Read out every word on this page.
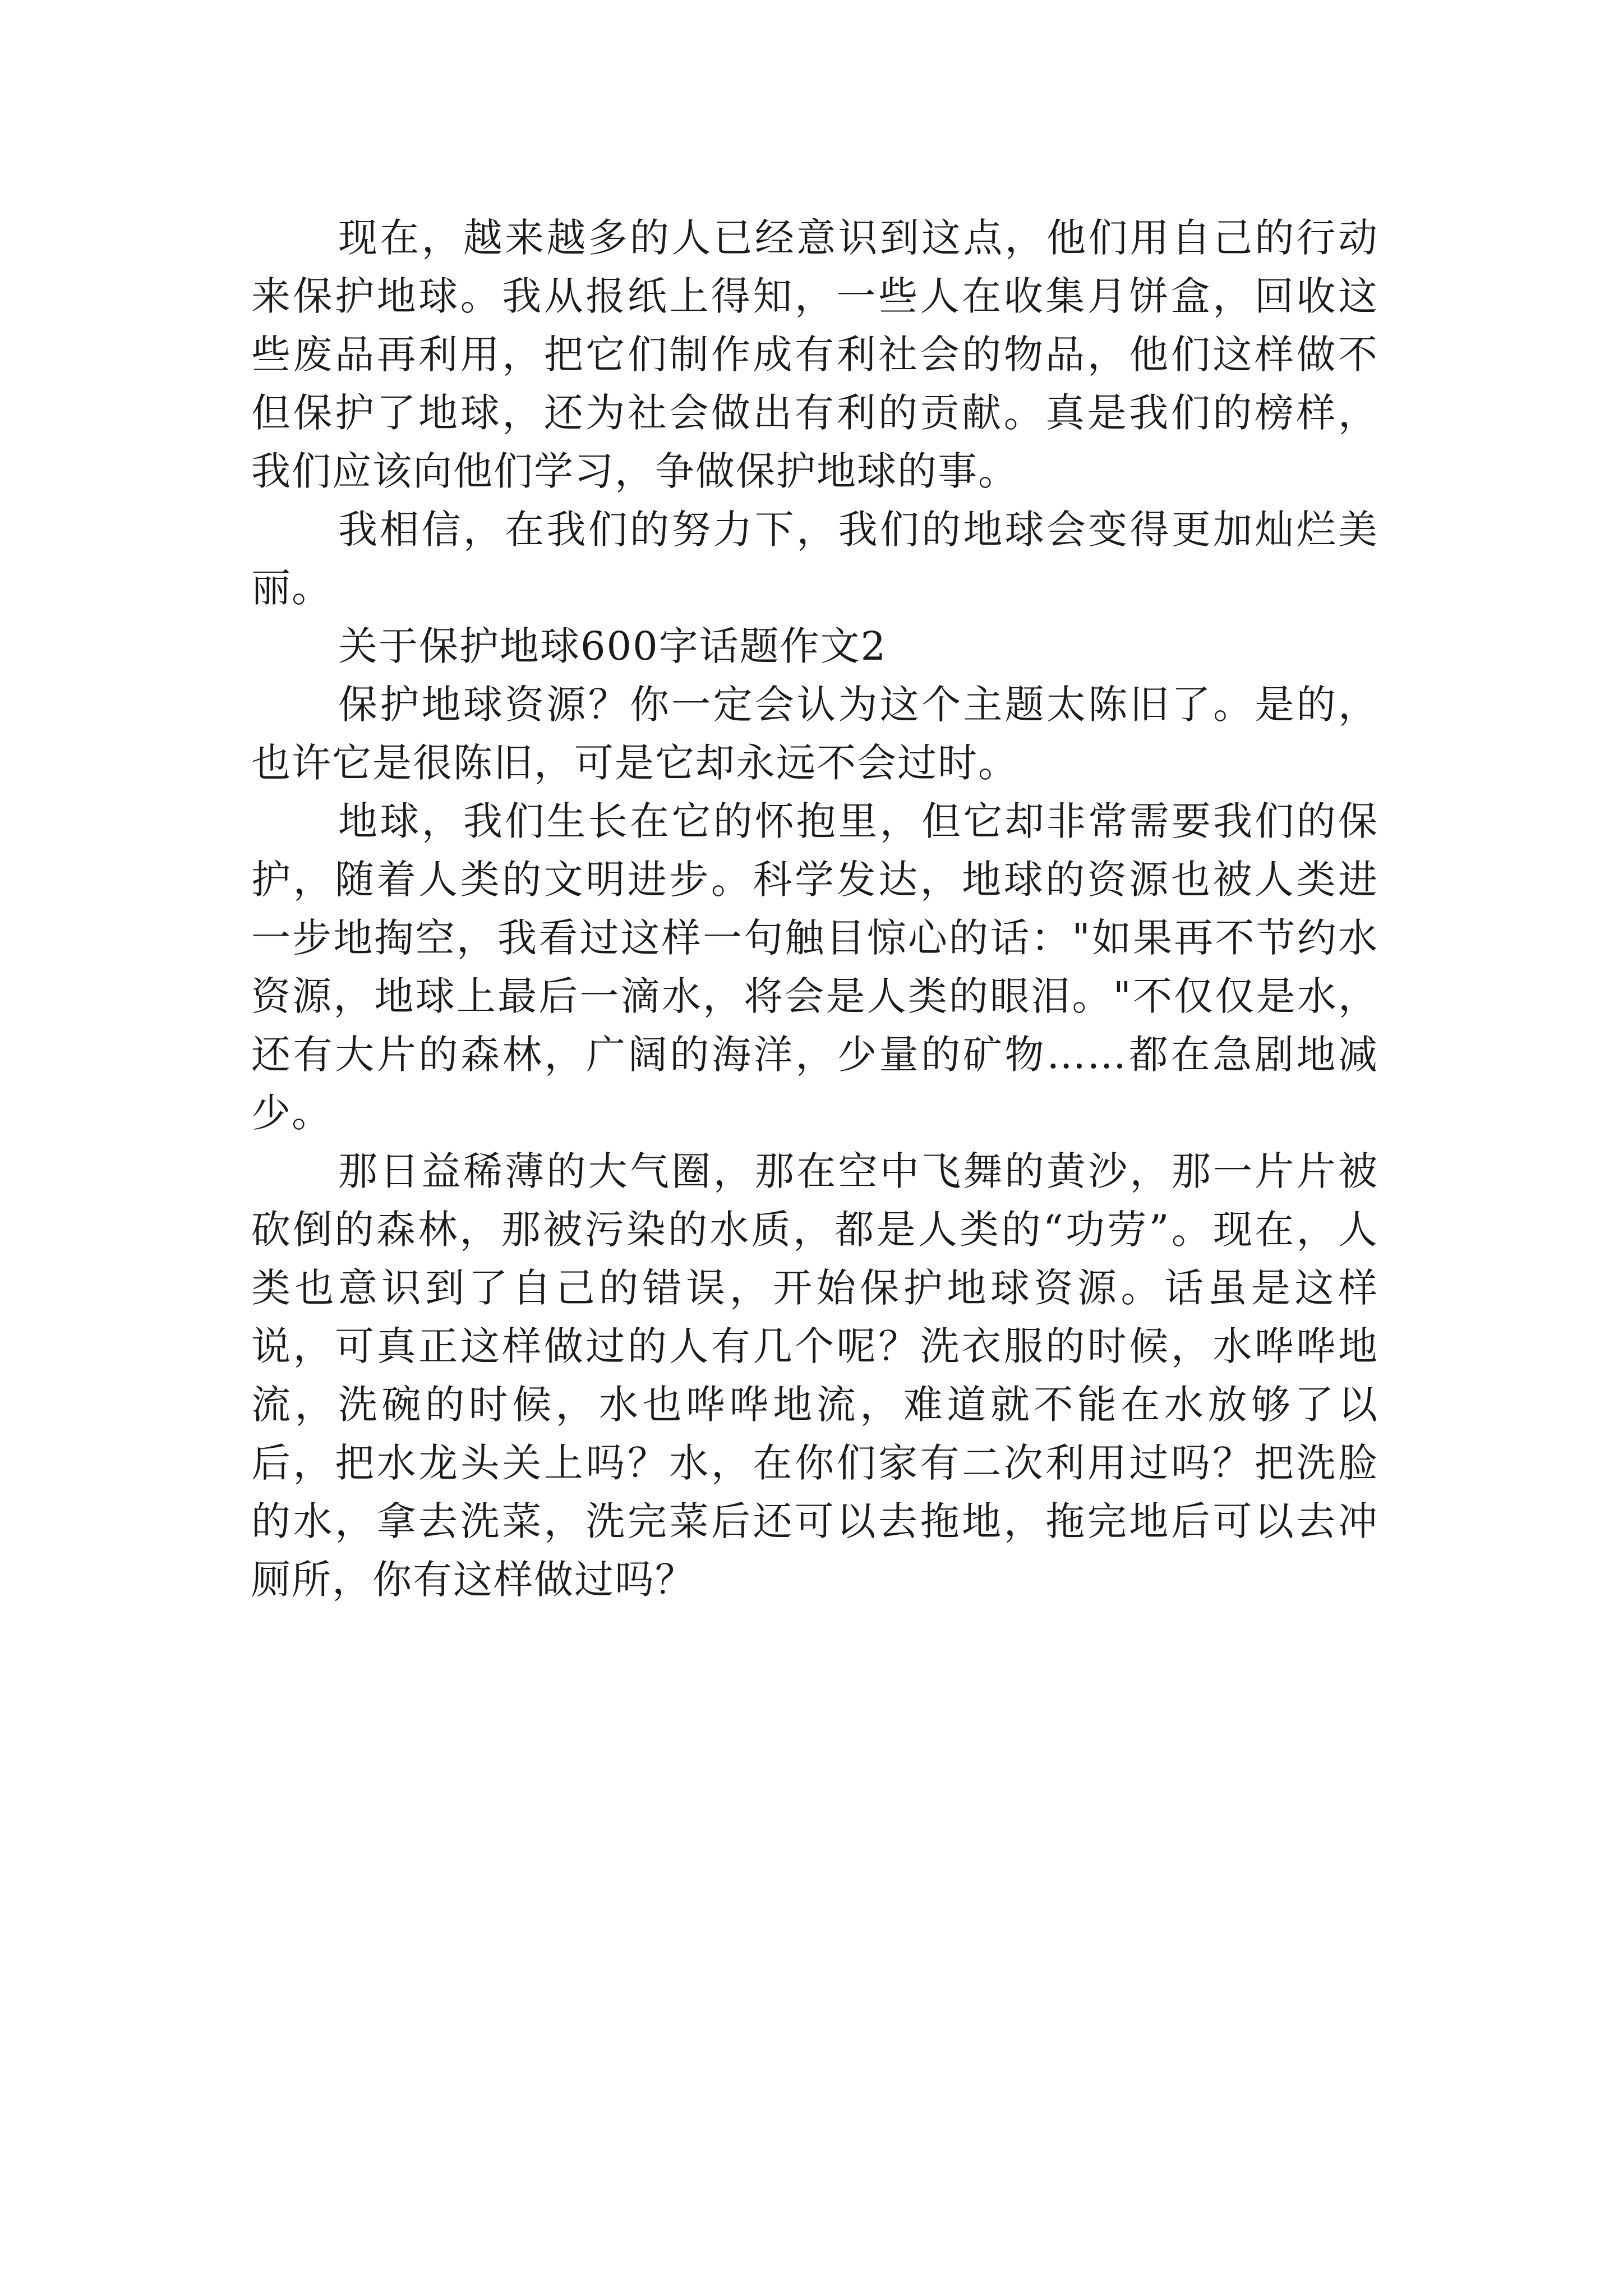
现在，越来越多的人已经意识到这点，他们用自己的行动来保护地球。我从报纸上得知，一些人在收集月饼盒，回收这些废品再利用，把它们制作成有利社会的物品，他们这样做不但保护了地球，还为社会做出有利的贡献。真是我们的榜样，我们应该向他们学习，争做保护地球的事。

我相信，在我们的努力下，我们的地球会变得更加灿烂美丽。

关于保护地球600字话题作文2

保护地球资源？你一定会认为这个主题太陈旧了。是的，也许它是很陈旧，可是它却永远不会过时。

地球，我们生长在它的怀抱里，但它却非常需要我们的保护，随着人类的文明进步。科学发达，地球的资源也被人类进一步地掏空，我看过这样一句触目惊心的话："如果再不节约水资源，地球上最后一滴水，将会是人类的眼泪。"不仅仅是水，还有大片的森林，广阔的海洋，少量的矿物……都在急剧地减少。

那日益稀薄的大气圈，那在空中飞舞的黄沙，那一片片被砍倒的森林，那被污染的水质，都是人类的“功劳”。现在，人类也意识到了自己的错误，开始保护地球资源。话虽是这样说，可真正这样做过的人有几个呢？洗衣服的时候，水哗哗地流，洗碗的时候，水也哗哗地流，难道就不能在水放够了以后，把水龙头关上吗？水，在你们家有二次利用过吗？把洗脸的水，拿去洗菜，洗完菜后还可以去拖地，拖完地后可以去冲厕所，你有这样做过吗？
